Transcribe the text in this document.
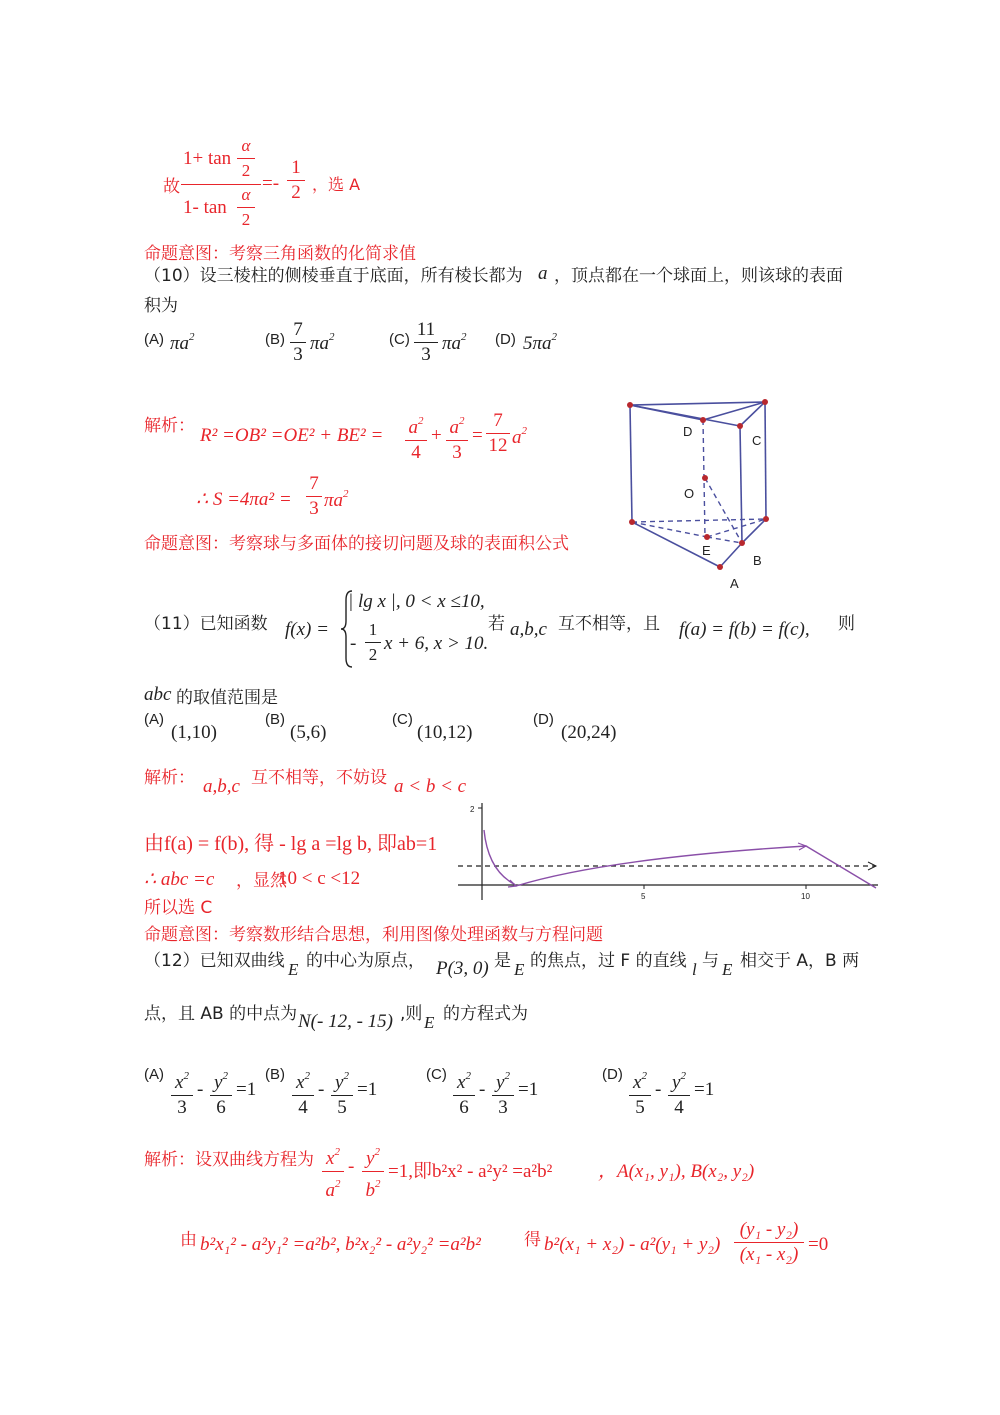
故
$1+ \tan \frac{\alpha}{2}$
1- $\tan \frac{\alpha}{2} =- \frac{1}{2}$ ，选 A
命题意图：考察三角函数的化简求值
（10）设三棱柱的侧棱垂直于底面，所有棱长都为 a ，顶点都在一个球面上，则该球的表面
积为
(A) $\pi a^2$	$(B) \frac{7}{3} \pi a^2$	$(C) \frac{11}{3} \pi a^2$ (D) $5\pi a^2$
解析： $R^2 =OB^2 =OE^2 + BE^2 = \frac{a^2}{4} + \frac{a^2}{3} = \frac{7}{12} a^2$
∴ $S =4\pi a^2 = \frac{7}{3} \pi a^2$
命题意图：考察球与多面体的接切问题及球的表面积公式
D
C
O
E
B
A
（11）已知函数 f(x) =
| lg x |, 0 < x ≤10,
- $\frac{1}{2}$ x + 6, x > 10.
若 a,b,c 互不相等，且 f(a) = f(b) = f(c), 则
abc 的取值范围是
(A)
(1,10)
(B)
(5,6)
(C)
(10,12)
(D)
(20,24)
解析： a,b,c 互不相等，不妨设 a < b < c
由f(a) = f(b), 得 - lg a =lg b, 即ab=1
∴ abc =c ，显然
10 < c <12
所以选 C
2
5	10
命题意图：考察数形结合思想，利用图像处理函数与方程问题
（12）已知双曲线 E 的中心为原点， P(3, 0) 是 E 的焦点，过 F 的直线 l 与 E 相交于 A，B 两
点，且 AB 的中点为 N(- 12, - 15) ,则 E 的方程式为
$(A) \frac{x^2}{3} - \frac{y^2}{6} =1$
$(B) \frac{x^2}{4} - \frac{y^2}{5} =1$
$(C) \frac{x^2}{6} - \frac{y^2}{3} =1$
$(D) \frac{x^2}{5} - \frac{y^2}{4} =1$
解析：设双曲线方程为 $\frac{x^2}{a^2} - \frac{y^2}{b^2} =1$,即b²x² - a²y² =a²b² ，A(x₁, y₁), B(x₂, y₂)
由 b²x₁² - a²y₁² =a²b², b²x₂² - a²y₂² =a²b²	得 $b^2(x_1 + x_2) - a^2(y_1 + y_2) \frac{\text{(y₁ - y₂)}}{\text{(x₁ - x₂)}} =0$
